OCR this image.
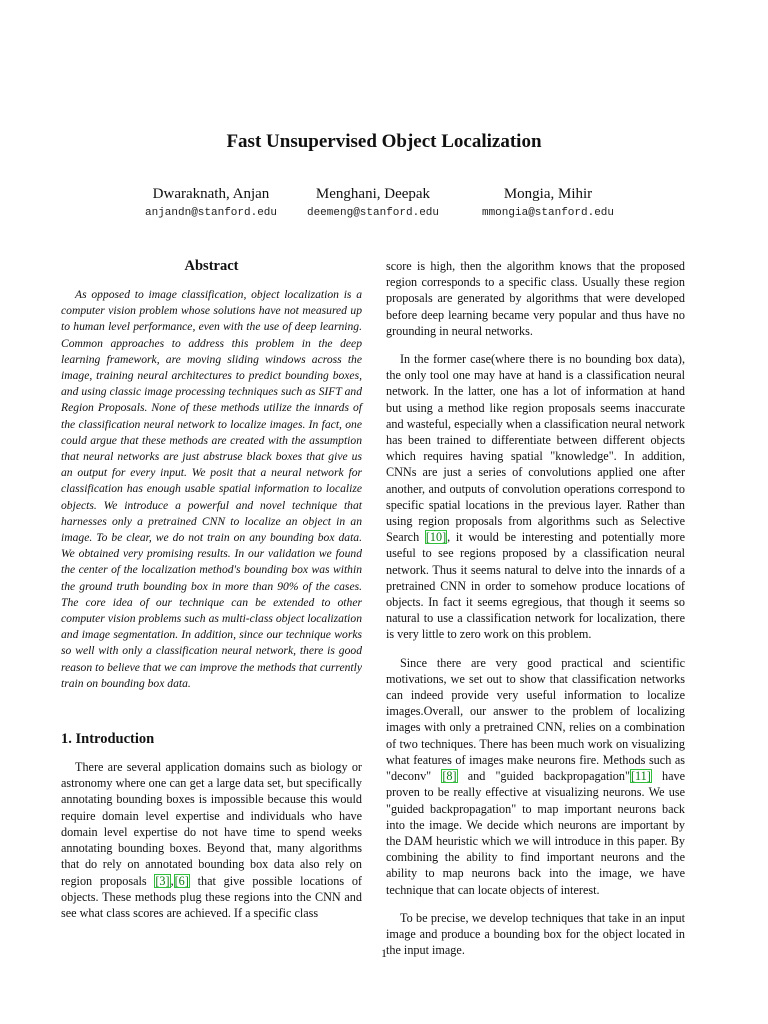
Fast Unsupervised Object Localization
Dwaraknath, Anjan
anjandn@stanford.edu
Menghani, Deepak
deemeng@stanford.edu
Mongia, Mihir
mmongia@stanford.edu
Abstract

As opposed to image classification, object localization is a computer vision problem whose solutions have not measured up to human level performance, even with the use of deep learning. Common approaches to address this problem in the deep learning framework, are moving sliding windows across the image, training neural architectures to predict bounding boxes, and using classic image processing techniques such as SIFT and Region Proposals. None of these methods utilize the innards of the classification neural network to localize images. In fact, one could argue that these methods are created with the assumption that neural networks are just abstruse black boxes that give us an output for every input. We posit that a neural network for classification has enough usable spatial information to localize objects. We introduce a powerful and novel technique that harnesses only a pretrained CNN to localize an object in an image. To be clear, we do not train on any bounding box data. We obtained very promising results. In our validation we found the center of the localization method's bounding box was within the ground truth bounding box in more than 90% of the cases. The core idea of our technique can be extended to other computer vision problems such as multi-class object localization and image segmentation. In addition, since our technique works so well with only a classification neural network, there is good reason to believe that we can improve the methods that currently train on bounding box data.

1. Introduction

There are several application domains such as biology or astronomy where one can get a large data set, but specifically annotating bounding boxes is impossible because this would require domain level expertise and individuals who have domain level expertise do not have time to spend weeks annotating bounding boxes. Beyond that, many algorithms that do rely on annotated bounding box data also rely on region proposals [3],[6] that give possible locations of objects. These methods plug these regions into the CNN and see what class scores are achieved. If a specific class

score is high, then the algorithm knows that the proposed region corresponds to a specific class. Usually these region proposals are generated by algorithms that were developed before deep learning became very popular and thus have no grounding in neural networks.

In the former case(where there is no bounding box data), the only tool one may have at hand is a classification neural network. In the latter, one has a lot of information at hand but using a method like region proposals seems inaccurate and wasteful, especially when a classification neural network has been trained to differentiate between different objects which requires having spatial "knowledge". In addition, CNNs are just a series of convolutions applied one after another, and outputs of convolution operations correspond to specific spatial locations in the previous layer. Rather than using region proposals from algorithms such as Selective Search [10], it would be interesting and potentially more useful to see regions proposed by a classification neural network. Thus it seems natural to delve into the innards of a pretrained CNN in order to somehow produce locations of objects. In fact it seems egregious, that though it seems so natural to use a classification network for localization, there is very little to zero work on this problem.

Since there are very good practical and scientific motivations, we set out to show that classification networks can indeed provide very useful information to localize images.Overall, our answer to the problem of localizing images with only a pretrained CNN, relies on a combination of two techniques. There has been much work on visualizing what features of images make neurons fire. Methods such as "deconv" [8] and "guided backpropagation"[11] have proven to be really effective at visualizing neurons. We use "guided backpropagation" to map important neurons back into the image. We decide which neurons are important by the DAM heuristic which we will introduce in this paper. By combining the ability to find important neurons and the ability to map neurons back into the image, we have technique that can locate objects of interest.

To be precise, we develop techniques that take in an input image and produce a bounding box for the object located in the input image.

1
